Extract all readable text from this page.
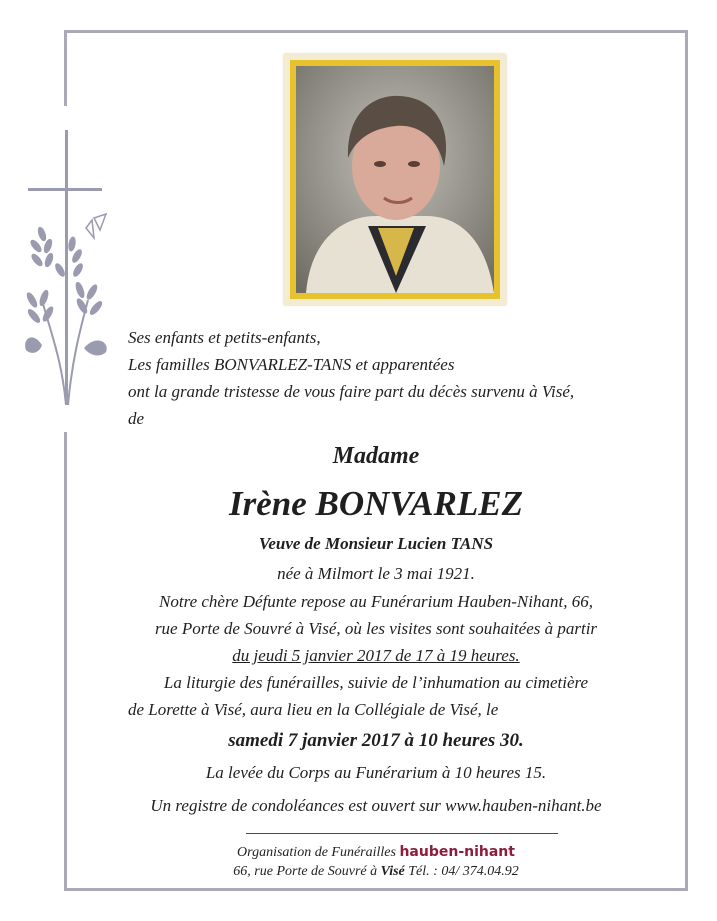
Ses enfants et petits-enfants,
Les familles BONVARLEZ-TANS et apparentées
ont la grande tristesse de vous faire part du décès survenu à Visé,
de
Madame
Irène BONVARLEZ
Veuve de Monsieur Lucien TANS
née à Milmort le 3 mai 1921.
Notre chère Défunte repose au Funérarium Hauben-Nihant, 66,
rue Porte de Souvré à Visé, où les visites sont souhaitées à partir
du jeudi 5 janvier 2017 de 17 à 19 heures.
La liturgie des funérailles, suivie de l’inhumation au cimetière
de Lorette à Visé, aura lieu en la Collégiale de Visé, le
samedi 7 janvier 2017 à 10 heures 30.
La levée du Corps au Funérarium à 10 heures 15.
Un registre de condoléances est ouvert sur www.hauben-nihant.be
Organisation de Funérailles hauben-nihant
66, rue Porte de Souvré à Visé Tél. : 04/ 374.04.92
